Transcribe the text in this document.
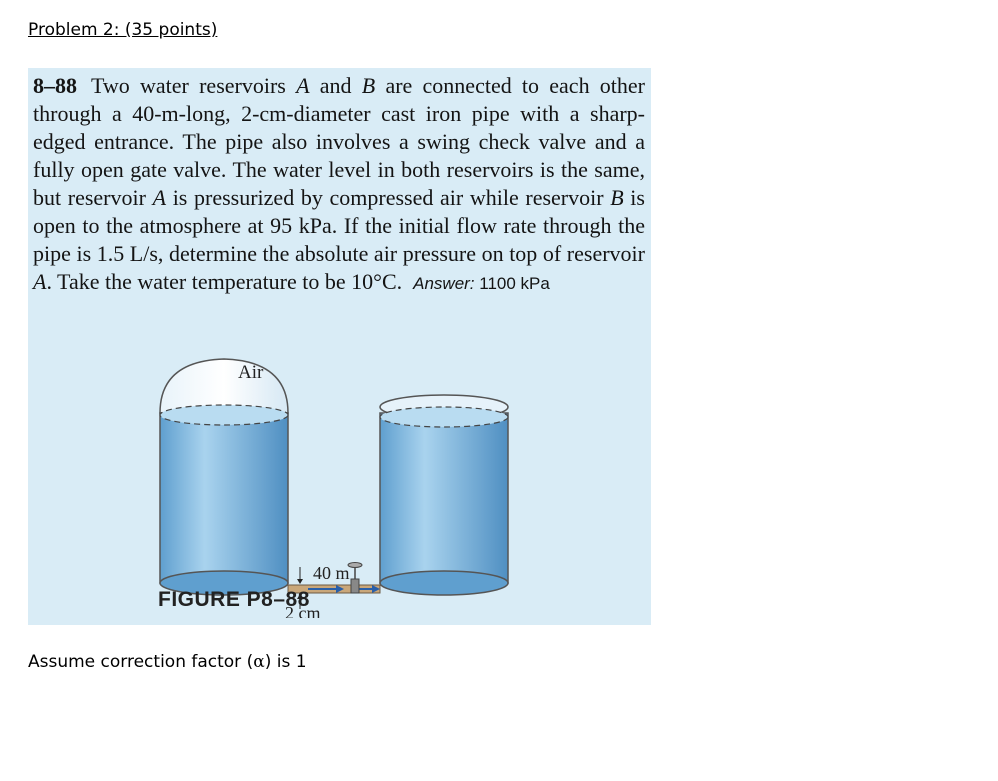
Problem 2: (35 points)
8–88 Two water reservoirs A and B are connected to each other through a 40-m-long, 2-cm-diameter cast iron pipe with a sharp-edged entrance. The pipe also involves a swing check valve and a fully open gate valve. The water level in both reservoirs is the same, but reservoir A is pressurized by compressed air while reservoir B is open to the atmosphere at 95 kPa. If the initial flow rate through the pipe is 1.5 L/s, determine the absolute air pressure on top of reservoir A. Take the water temperature to be 10°C. Answer: 1100 kPa
Air
40 m
2 cm
FIGURE P8–88
Assume correction factor (α) is 1
